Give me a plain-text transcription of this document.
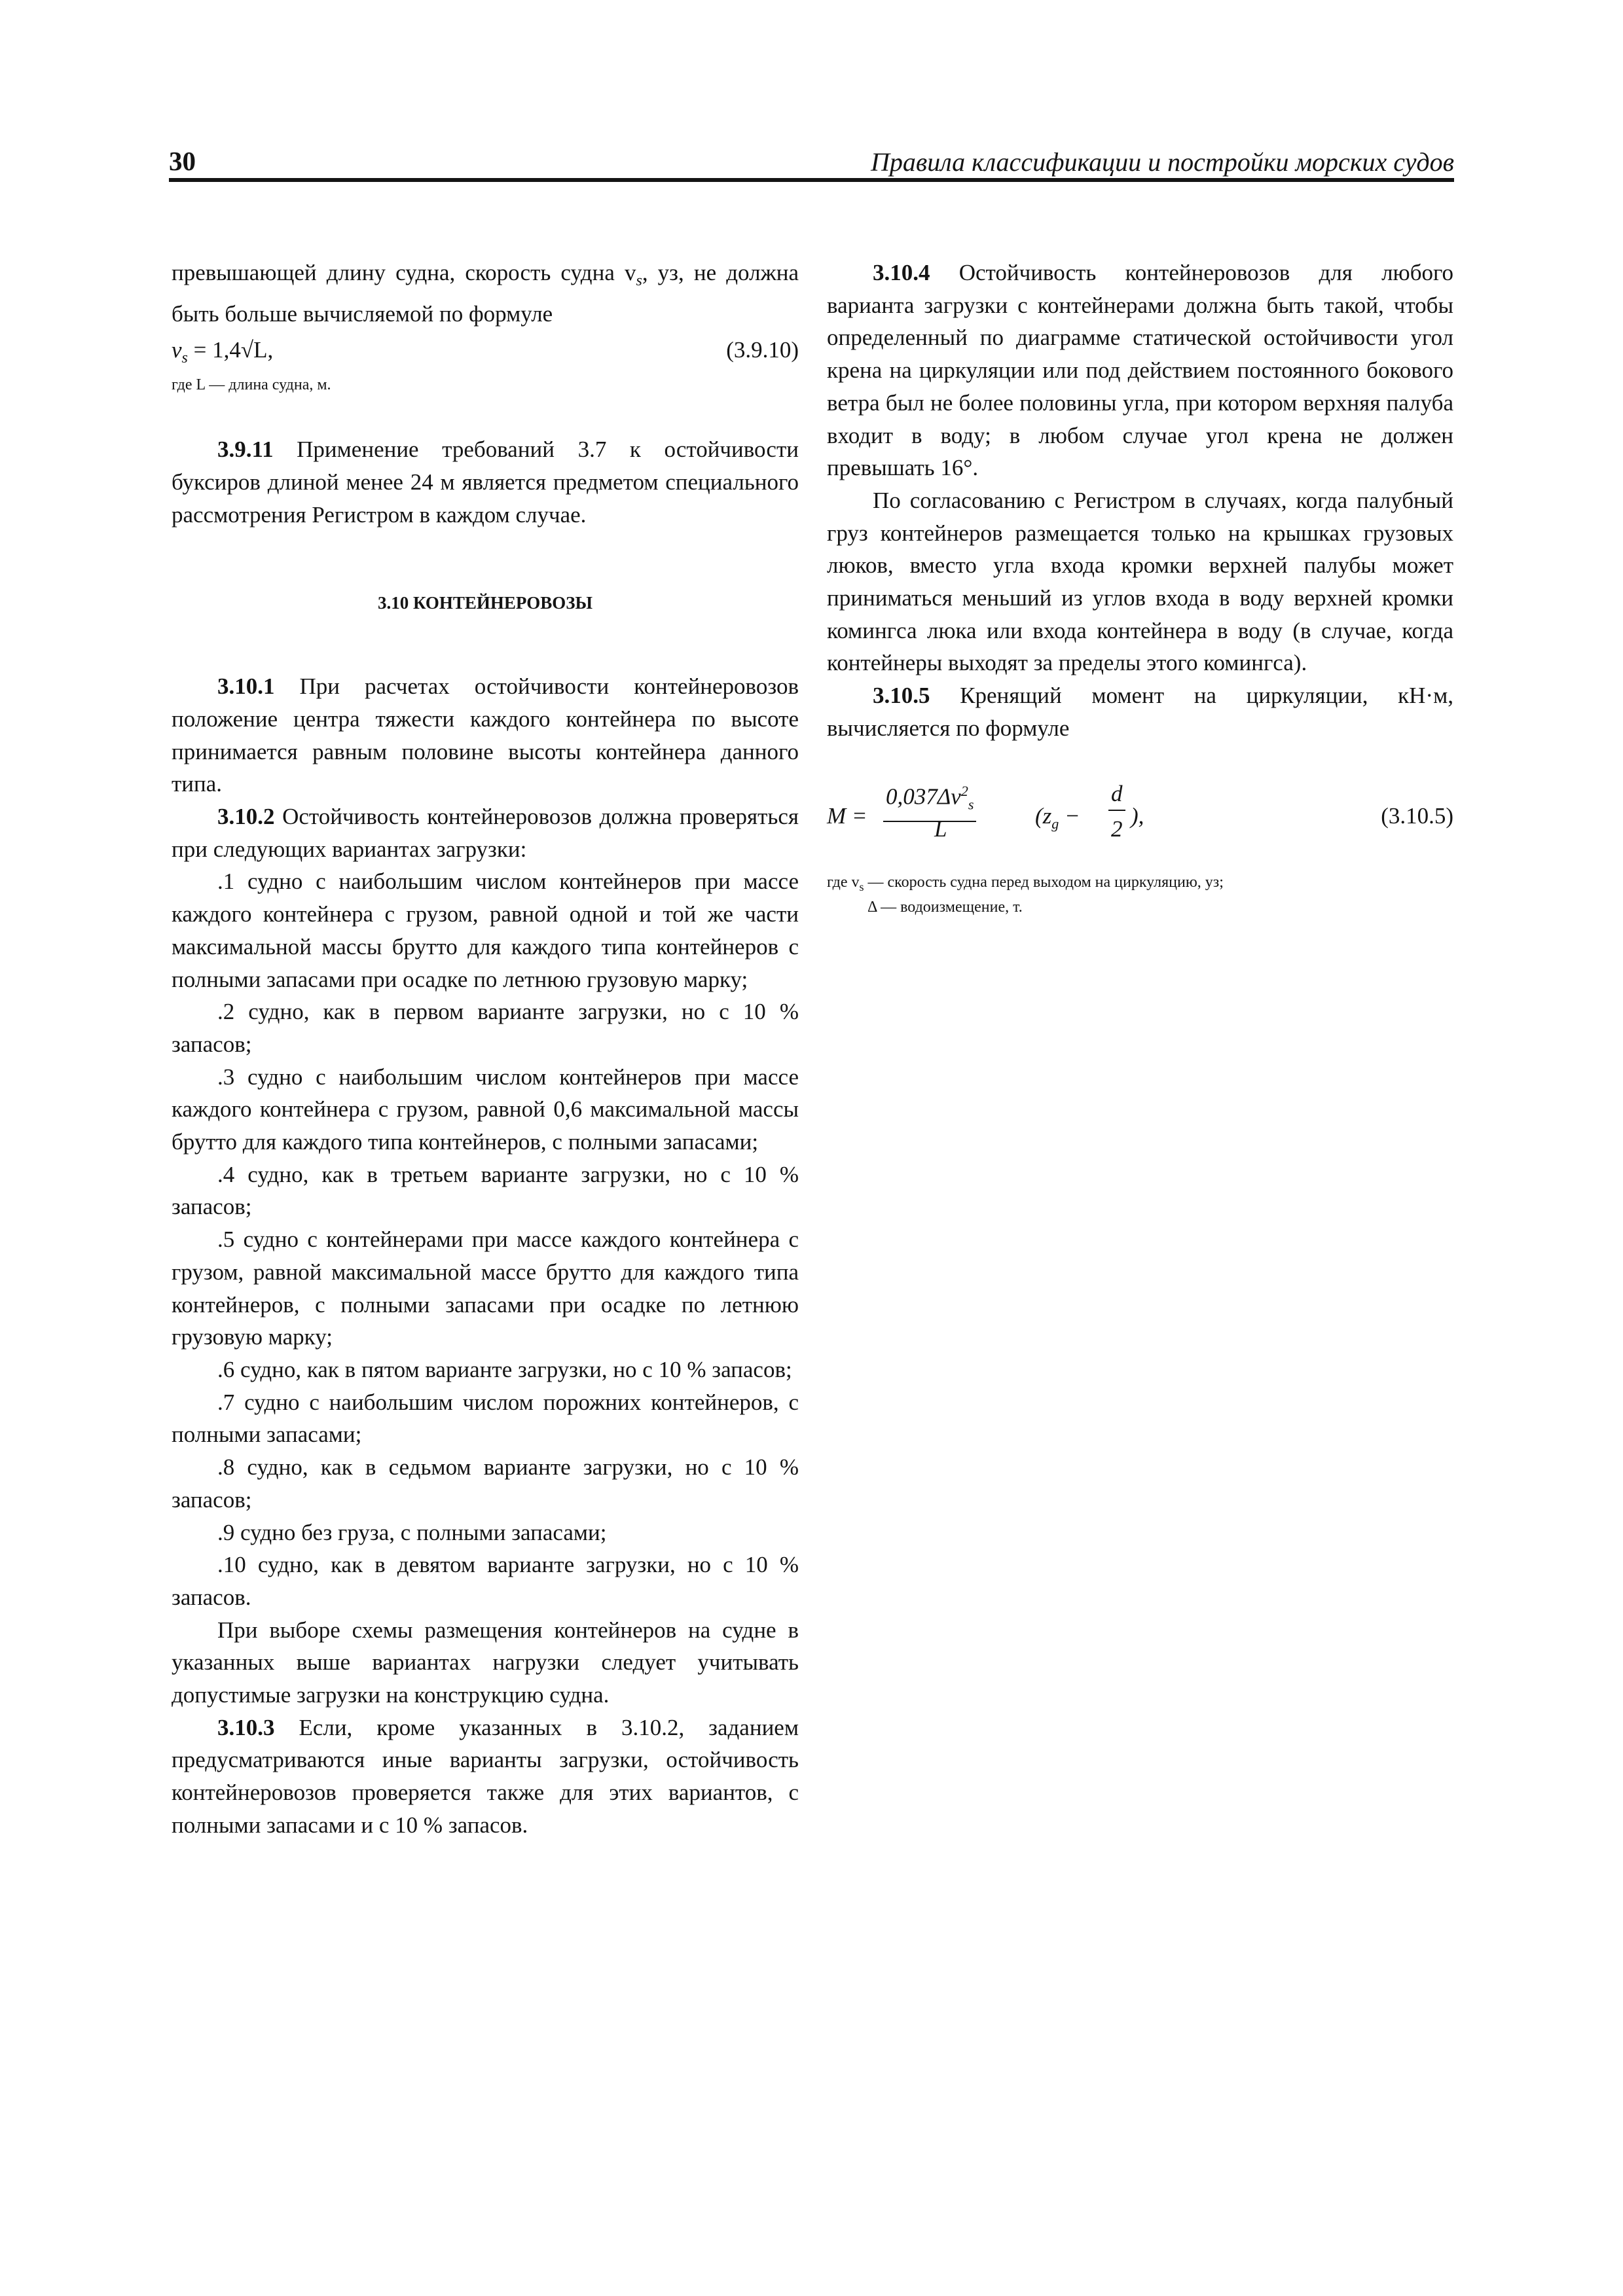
30	Правила классификации и постройки морских судов

превышающей длину судна, скорость судна $v_s$, уз, не должна быть больше вычисляемой по формуле

$v_s = 1,4√L$,	(3.9.10)

где L — длина судна, м.

3.9.11 Применение требований 3.7 к остойчивости буксиров длиной менее 24 м является предметом специального рассмотрения Регистром в каждом случае.

3.10 КОНТЕЙНЕРОВОЗЫ

3.10.1 При расчетах остойчивости контейнеровозов положение центра тяжести каждого контейнера по высоте принимается равным половине высоты контейнера данного типа.

3.10.2 Остойчивость контейнеровозов должна проверяться при следующих вариантах загрузки:

.1 судно с наибольшим числом контейнеров при массе каждого контейнера с грузом, равной одной и той же части максимальной массы брутто для каждого типа контейнеров с полными запасами при осадке по летнюю грузовую марку;

.2 судно, как в первом варианте загрузки, но с 10 % запасов;

.3 судно с наибольшим числом контейнеров при массе каждого контейнера с грузом, равной 0,6 максимальной массы брутто для каждого типа контейнеров, с полными запасами;

.4 судно, как в третьем варианте загрузки, но с 10 % запасов;

.5 судно с контейнерами при массе каждого контейнера с грузом, равной максимальной массе брутто для каждого типа контейнеров, с полными запасами при осадке по летнюю грузовую марку;

.6 судно, как в пятом варианте загрузки, но с 10 % запасов;

.7 судно с наибольшим числом порожних контейнеров, с полными запасами;

.8 судно, как в седьмом варианте загрузки, но с 10 % запасов;

.9 судно без груза, с полными запасами;

.10 судно, как в девятом варианте загрузки, но с 10 % запасов.

При выборе схемы размещения контейнеров на судне в указанных выше вариантах нагрузки следует учитывать допустимые загрузки на конструкцию судна.

3.10.3 Если, кроме указанных в 3.10.2, заданием предусматриваются иные варианты загрузки, остойчивость контейнеровозов проверяется также для этих вариантов, с полными запасами и с 10 % запасов.

3.10.4 Остойчивость контейнеровозов для любого варианта загрузки с контейнерами должна быть такой, чтобы определенный по диаграмме статической остойчивости угол крена на циркуляции или под действием постоянного бокового ветра был не более половины угла, при котором верхняя палуба входит в воду; в любом случае угол крена не должен превышать 16°.

По согласованию с Регистром в случаях, когда палубный груз контейнеров размещается только на крышках грузовых люков, вместо угла входа кромки верхней палубы может приниматься меньший из углов входа в воду верхней кромки комингса люка или входа контейнера в воду (в случае, когда контейнеры выходят за пределы этого комингса).

3.10.5 Кренящий момент на циркуляции, кН·м, вычисляется по формуле

M =
$0,037\Delta v^2_s$
L
($z_g$ −
d
2
),	(3.10.5)

где $v_s$ — скорость судна перед выходом на циркуляцию, уз;

Δ — водоизмещение, т.
